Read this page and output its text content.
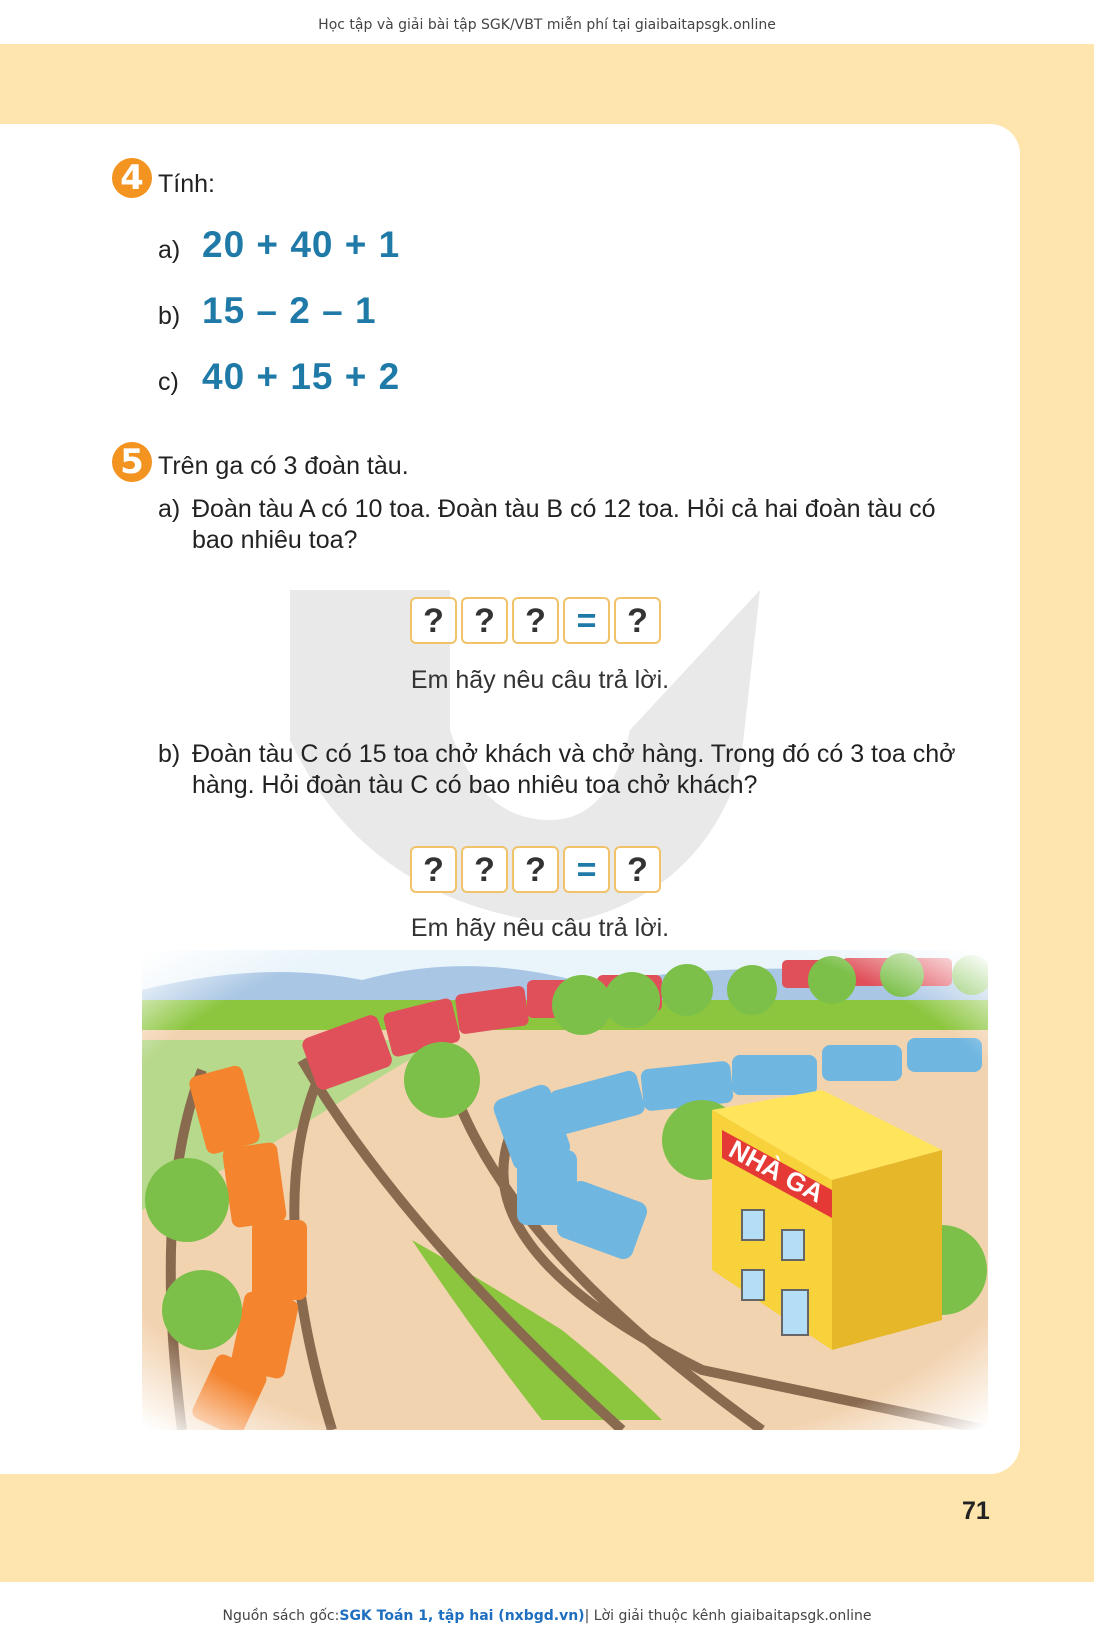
Học tập và giải bài tập SGK/VBT miễn phí tại giaibaitapsgk.online
4 Tính:
a) 20 + 40 + 1
b) 15 – 2 – 1
c) 40 + 15 + 2
5 Trên ga có 3 đoàn tàu.
a) Đoàn tàu A có 10 toa. Đoàn tàu B có 12 toa. Hỏi cả hai đoàn tàu có
bao nhiêu toa?
? ? ? = ?
Em hãy nêu câu trả lời.
b) Đoàn tàu C có 15 toa chở khách và chở hàng. Trong đó có 3 toa chở
hàng. Hỏi đoàn tàu C có bao nhiêu toa chở khách?
? ? ? = ?
Em hãy nêu câu trả lời.
71
Nguồn sách gốc:SGK Toán 1, tập hai (nxbgd.vn)| Lời giải thuộc kênh giaibaitapsgk.online
